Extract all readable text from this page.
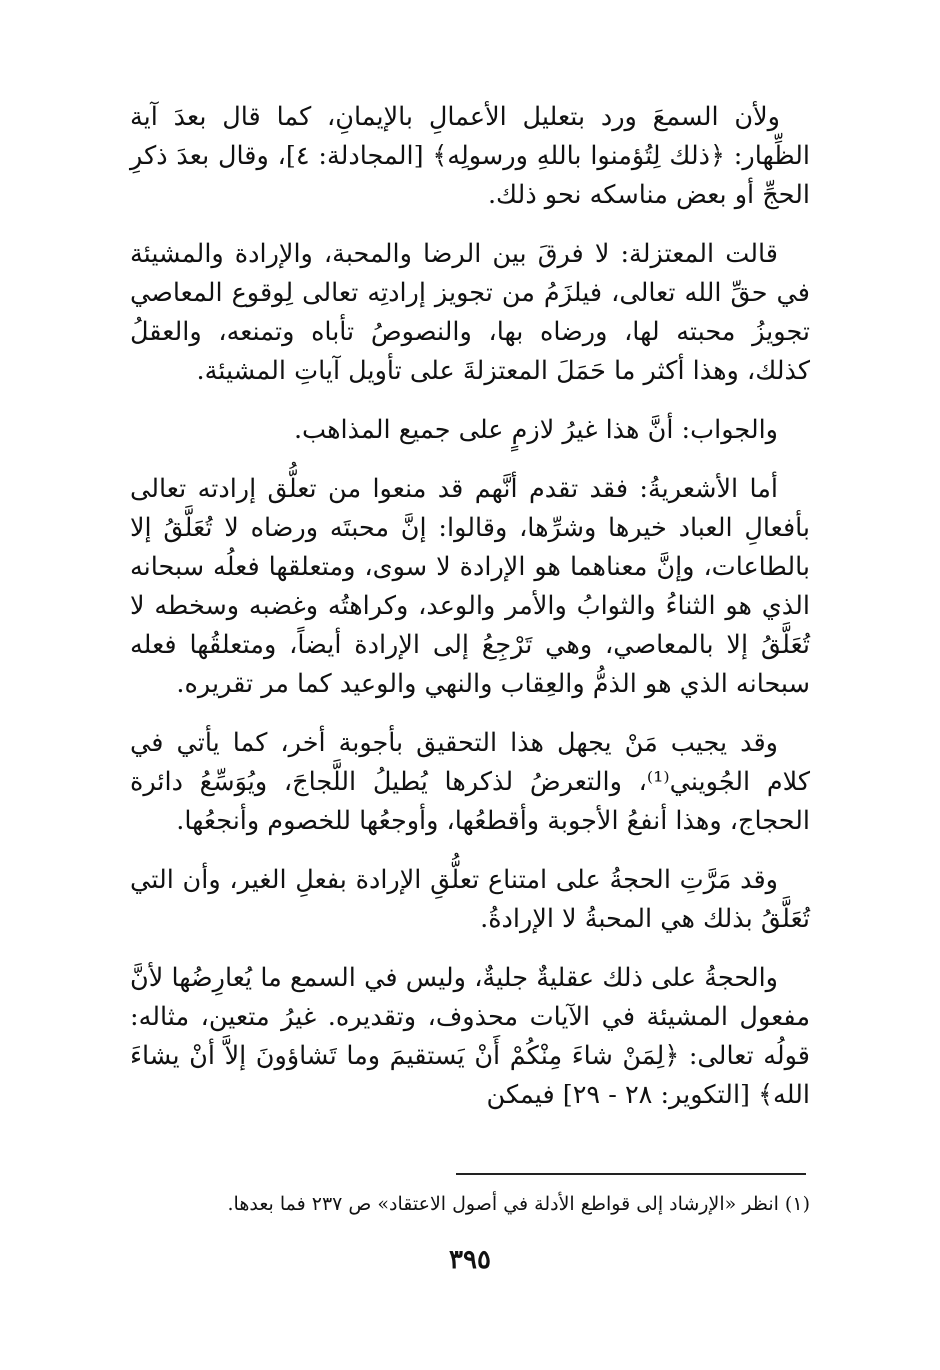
ولأن السمعَ ورد بتعليل الأعمالِ بالإيمانِ، كما قال بعدَ آية الظِّهار: ﴿ذلك لِتُؤمنوا باللهِ ورسولِه﴾ [المجادلة: ٤]، وقال بعدَ ذكرِ الحجِّ أو بعض مناسكه نحو ذلك.

قالت المعتزلة: لا فرقَ بين الرضا والمحبة، والإرادة والمشيئة في حقِّ الله تعالى، فيلزَمُ من تجويز إرادتِه تعالى لِوقوع المعاصي تجويزُ محبته لها، ورضاه بها، والنصوصُ تأباه وتمنعه، والعقلُ كذلك، وهذا أكثر ما حَمَلَ المعتزلةَ على تأويل آياتِ المشيئة.

والجواب: أنَّ هذا غيرُ لازمٍ على جميع المذاهب.

أما الأشعريةُ: فقد تقدم أنَّهم قد منعوا من تعلُّق إرادته تعالى بأفعالِ العباد خيرها وشرِّها، وقالوا: إنَّ محبتَه ورضاه لا تُعَلَّقُ إلا بالطاعات، وإنَّ معناهما هو الإرادة لا سوى، ومتعلقها فعلُه سبحانه الذي هو الثناءُ والثوابُ والأمر والوعد، وكراهتُه وغضبه وسخطه لا تُعَلَّقُ إلا بالمعاصي، وهي تَرْجِعُ إلى الإرادة أيضاً، ومتعلقُها فعله سبحانه الذي هو الذمُّ والعِقاب والنهي والوعيد كما مر تقريره.

وقد يجيب مَنْ يجهل هذا التحقيق بأجوبة أخر، كما يأتي في كلام الجُويني⁽¹⁾، والتعرضُ لذكرها يُطيلُ اللَّجاجَ، ويُوَسِّعُ دائرة الحجاج، وهذا أنفعُ الأجوبة وأقطعُها، وأوجعُها للخصوم وأنجعُها.

وقد مَرَّتِ الحجةُ على امتناع تعلُّقِ الإرادة بفعلِ الغير، وأن التي تُعَلَّقُ بذلك هي المحبةُ لا الإرادةُ.

والحجةُ على ذلك عقليةٌ جليةٌ، وليس في السمع ما يُعارِضُها لأنَّ مفعول المشيئة في الآيات محذوف، وتقديره. غيرُ متعين، مثاله: قولُه تعالى: ﴿لِمَنْ شاءَ مِنْكُمْ أَنْ يَستقيمَ وما تَشاؤونَ إلاَّ أنْ يشاءَ الله﴾ [التكوير: ٢٨ - ٢٩] فيمكن

(١) انظر «الإرشاد إلى قواطع الأدلة في أصول الاعتقاد» ص ٢٣٧ فما بعدها.
٣٩٥
